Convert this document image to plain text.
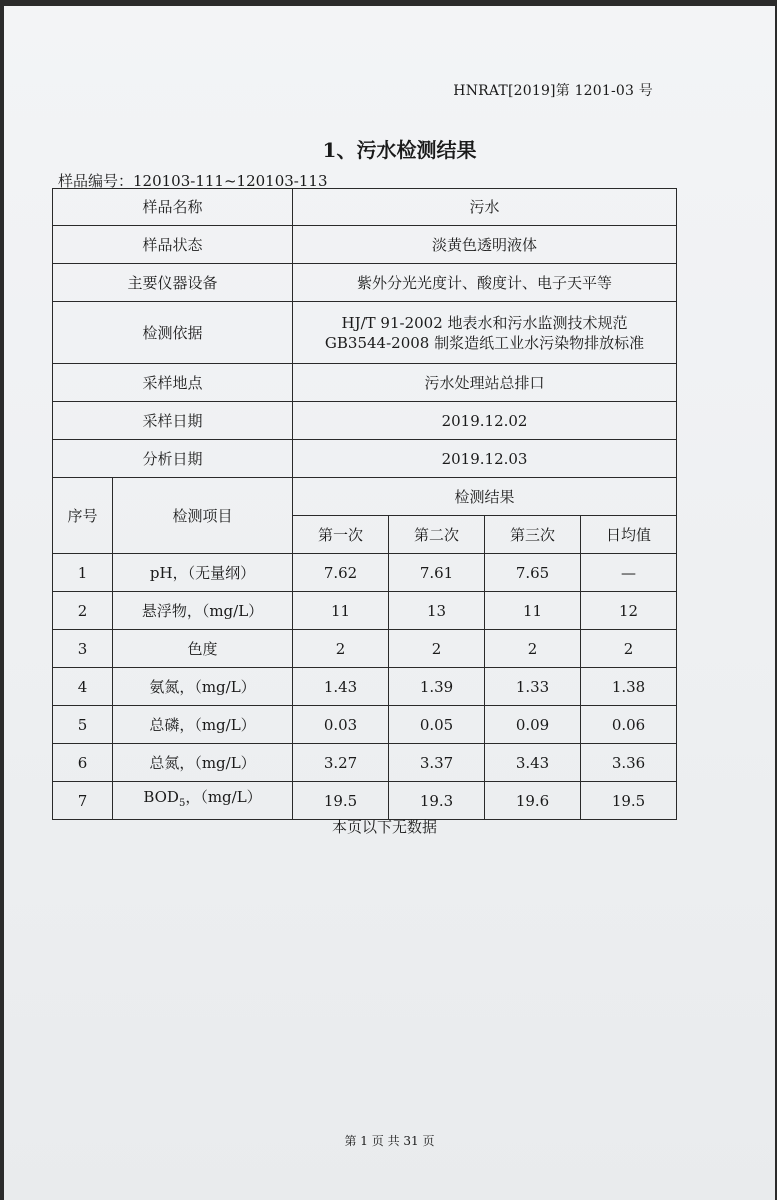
HNRAT[2019]第 1201-03 号
1、污水检测结果
样品编号：120103-111~120103-113
样品名称		污水			
样品状态		淡黄色透明液体			
主要仪器设备		紫外分光光度计、酸度计、电子天平等			
检测依据		HJ/T 91-2002 地表水和污水监测技术规范
GB3544-2008 制浆造纸工业水污染物排放标准			

采样地点		污水处理站总排口			
采样日期		2019.12.02			
分析日期		2019.12.03			
序号	检测项目	检测结果			
		第一次	第二次	第三次	日均值
1	pH，（无量纲）	7.62	7.61	7.65	—
2	悬浮物，（mg/L）	11	13	11	12
3	色度	2	2	2	2
4	氨氮，（mg/L）	1.43	1.39	1.33	1.38
5	总磷，（mg/L）	0.03	0.05	0.09	0.06
6	总氮，（mg/L）	3.27	3.37	3.43	3.36
7	$BOD_5$，（mg/L）	19.5	19.3	19.6	19.5
本页以下无数据
第 1 页 共 31 页
